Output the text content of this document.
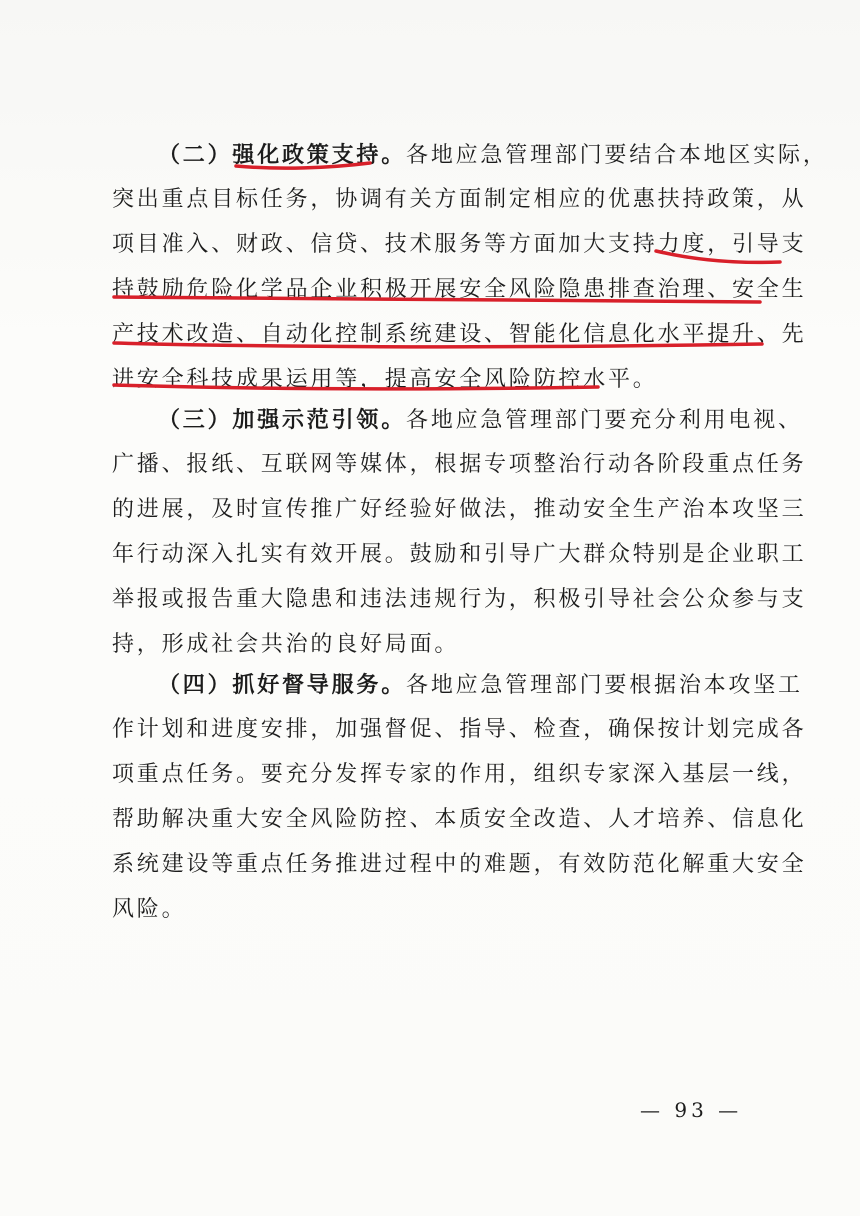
（二）强化政策支持。各地应急管理部门要结合本地区实际，
突出重点目标任务，协调有关方面制定相应的优惠扶持政策，从
项目准入、财政、信贷、技术服务等方面加大支持力度，引导支
持鼓励危险化学品企业积极开展安全风险隐患排查治理、安全生
产技术改造、自动化控制系统建设、智能化信息化水平提升、先
进安全科技成果运用等，提高安全风险防控水平。
（三）加强示范引领。各地应急管理部门要充分利用电视、
广播、报纸、互联网等媒体，根据专项整治行动各阶段重点任务
的进展，及时宣传推广好经验好做法，推动安全生产治本攻坚三
年行动深入扎实有效开展。鼓励和引导广大群众特别是企业职工
举报或报告重大隐患和违法违规行为，积极引导社会公众参与支
持，形成社会共治的良好局面。
（四）抓好督导服务。各地应急管理部门要根据治本攻坚工
作计划和进度安排，加强督促、指导、检查，确保按计划完成各
项重点任务。要充分发挥专家的作用，组织专家深入基层一线，
帮助解决重大安全风险防控、本质安全改造、人才培养、信息化
系统建设等重点任务推进过程中的难题，有效防范化解重大安全
风险。
— 93 —
